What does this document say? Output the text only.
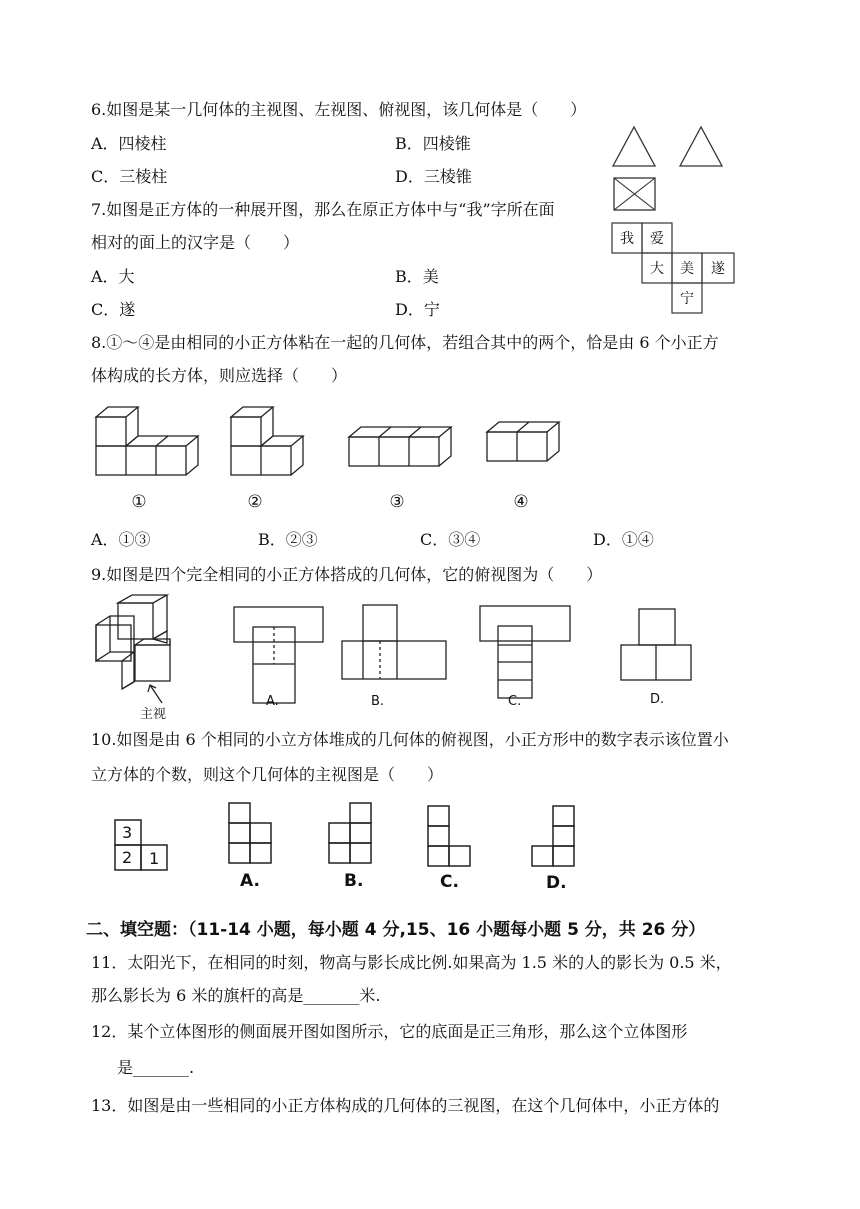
6.如图是某一几何体的主视图、左视图、俯视图，该几何体是（　　）
A．四棱柱	B．四棱锥
C．三棱柱	D．三棱锥
7.如图是正方体的一种展开图，那么在原正方体中与“我”字所在面
相对的面上的汉字是（　　）
A．大	B．美
C．遂	D．宁
我 爱
大 美 遂
宁
8.①～④是由相同的小正方体粘在一起的几何体，若组合其中的两个，恰是由 6 个小正方
体构成的长方体，则应选择（　　）
①	②	③	④
A．①③	B．②③	C．③④	D．①④
9.如图是四个完全相同的小正方体搭成的几何体，它的俯视图为（　　）
主视
A.	B.	C.	D.
10.如图是由 6 个相同的小立方体堆成的几何体的俯视图，小正方形中的数字表示该位置小
立方体的个数，则这个几何体的主视图是（　　）
3
2 1
A.	B.	C.	D.
二、填空题：（11-14 小题，每小题 4 分,15、16 小题每小题 5 分，共 26 分）
11．太阳光下，在相同的时刻，物高与影长成比例.如果高为 1.5 米的人的影长为 0.5 米，
那么影长为 6 米的旗杆的高是_______米.
12．某个立体图形的侧面展开图如图所示，它的底面是正三角形，那么这个立体图形
是_______.
13．如图是由一些相同的小正方体构成的几何体的三视图，在这个几何体中，小正方体的
